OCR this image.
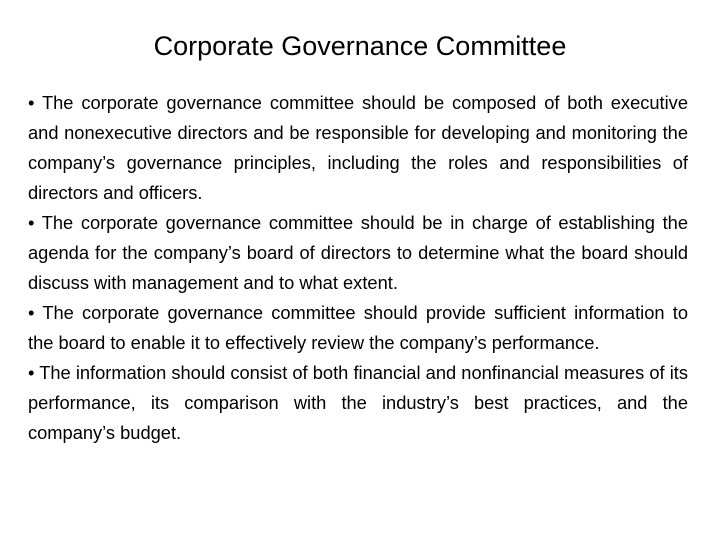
Corporate Governance Committee
• The corporate governance committee should be composed of both executive and nonexecutive directors and be responsible for developing and monitoring the company’s governance principles, including the roles and responsibilities of directors and officers.
• The corporate governance committee should be in charge of establishing the agenda for the company’s board of directors to determine what the board should discuss with management and to what extent.
• The corporate governance committee should provide sufficient information to the board to enable it to effectively review the company’s performance.
• The information should consist of both financial and nonfinancial measures of its performance, its comparison with the industry’s best practices, and the company’s budget.
